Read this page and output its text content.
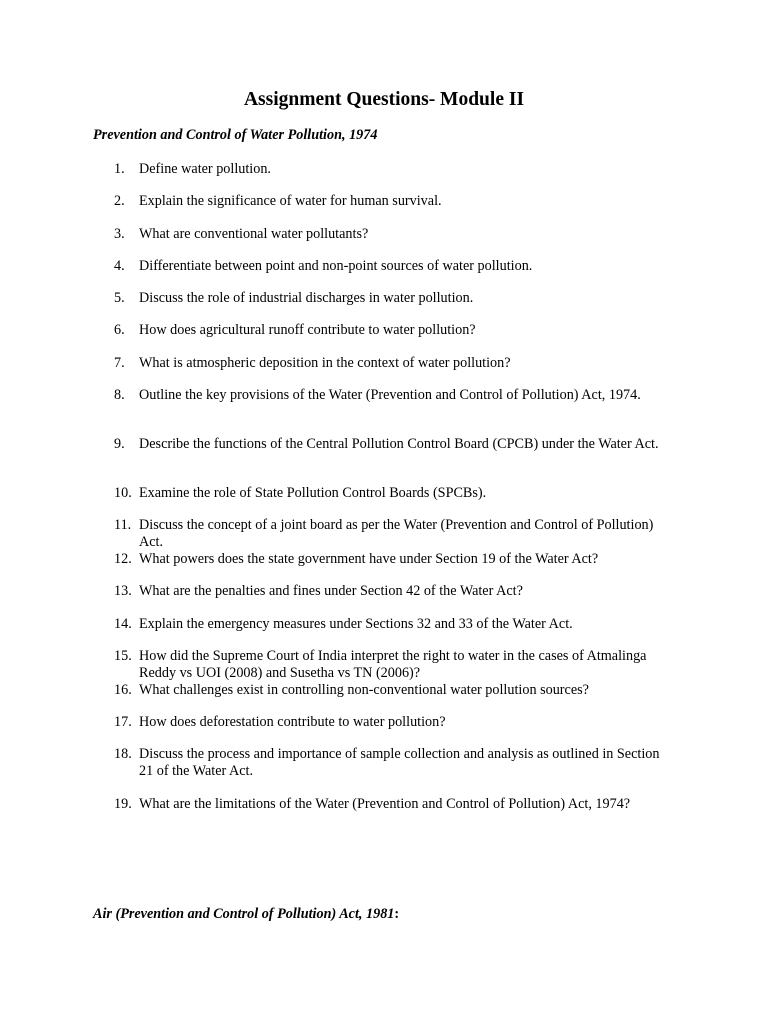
Assignment Questions- Module II

Prevention and Control of Water Pollution, 1974

1. Define water pollution.
2. Explain the significance of water for human survival.
3. What are conventional water pollutants?
4. Differentiate between point and non-point sources of water pollution.
5. Discuss the role of industrial discharges in water pollution.
6. How does agricultural runoff contribute to water pollution?
7. What is atmospheric deposition in the context of water pollution?
8. Outline the key provisions of the Water (Prevention and Control of Pollution) Act, 1974.
9. Describe the functions of the Central Pollution Control Board (CPCB) under the Water Act.
10. Examine the role of State Pollution Control Boards (SPCBs).
11. Discuss the concept of a joint board as per the Water (Prevention and Control of Pollution) Act.
12. What powers does the state government have under Section 19 of the Water Act?
13. What are the penalties and fines under Section 42 of the Water Act?
14. Explain the emergency measures under Sections 32 and 33 of the Water Act.
15. How did the Supreme Court of India interpret the right to water in the cases of Atmalinga Reddy vs UOI (2008) and Susetha vs TN (2006)?
16. What challenges exist in controlling non-conventional water pollution sources?
17. How does deforestation contribute to water pollution?
18. Discuss the process and importance of sample collection and analysis as outlined in Section 21 of the Water Act.
19. What are the limitations of the Water (Prevention and Control of Pollution) Act, 1974?

Air (Prevention and Control of Pollution) Act, 1981:
